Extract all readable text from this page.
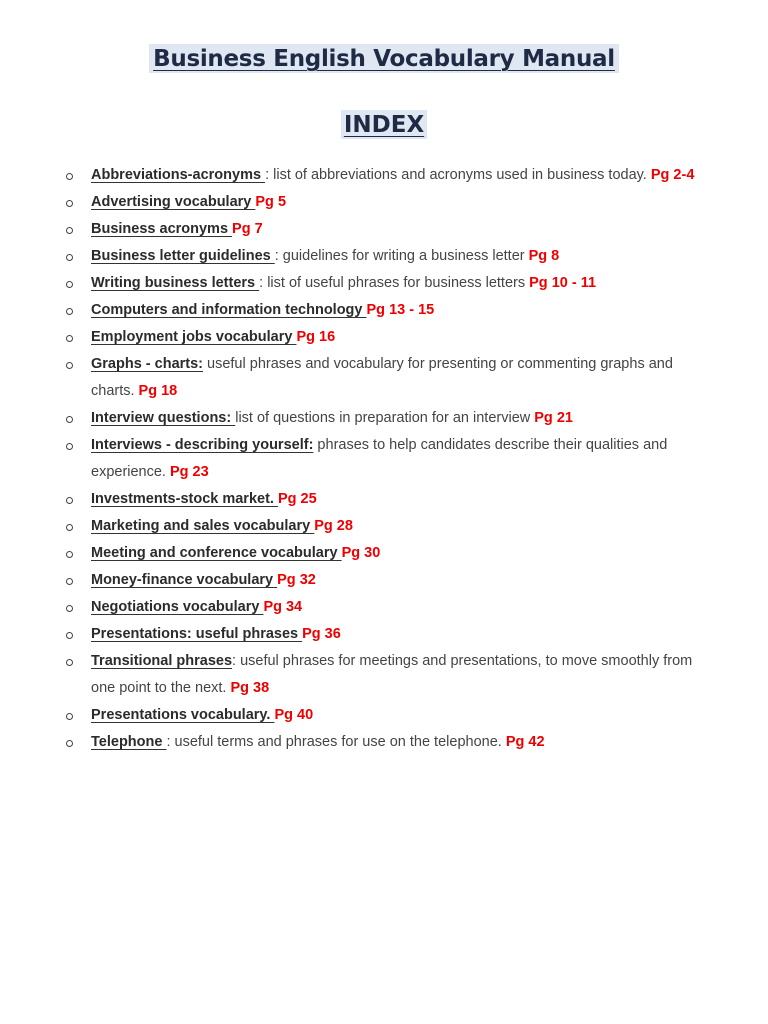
Business English Vocabulary Manual
INDEX
Abbreviations-acronyms : list of abbreviations and acronyms used in business today. Pg 2-4
Advertising vocabulary Pg 5
Business acronyms Pg 7
Business letter guidelines : guidelines for writing a business letter Pg 8
Writing business letters : list of useful phrases for business letters Pg 10 - 11
Computers and information technology Pg 13 - 15
Employment jobs vocabulary Pg 16
Graphs - charts: useful phrases and vocabulary for presenting or commenting graphs and charts. Pg 18
Interview questions: list of questions in preparation for an interview Pg 21
Interviews - describing yourself: phrases to help candidates describe their qualities and experience. Pg 23
Investments-stock market. Pg 25
Marketing and sales vocabulary Pg 28
Meeting and conference vocabulary Pg 30
Money-finance vocabulary Pg 32
Negotiations vocabulary Pg 34
Presentations: useful phrases Pg 36
Transitional phrases: useful phrases for meetings and presentations, to move smoothly from one point to the next. Pg 38
Presentations vocabulary. Pg 40
Telephone : useful terms and phrases for use on the telephone. Pg 42
